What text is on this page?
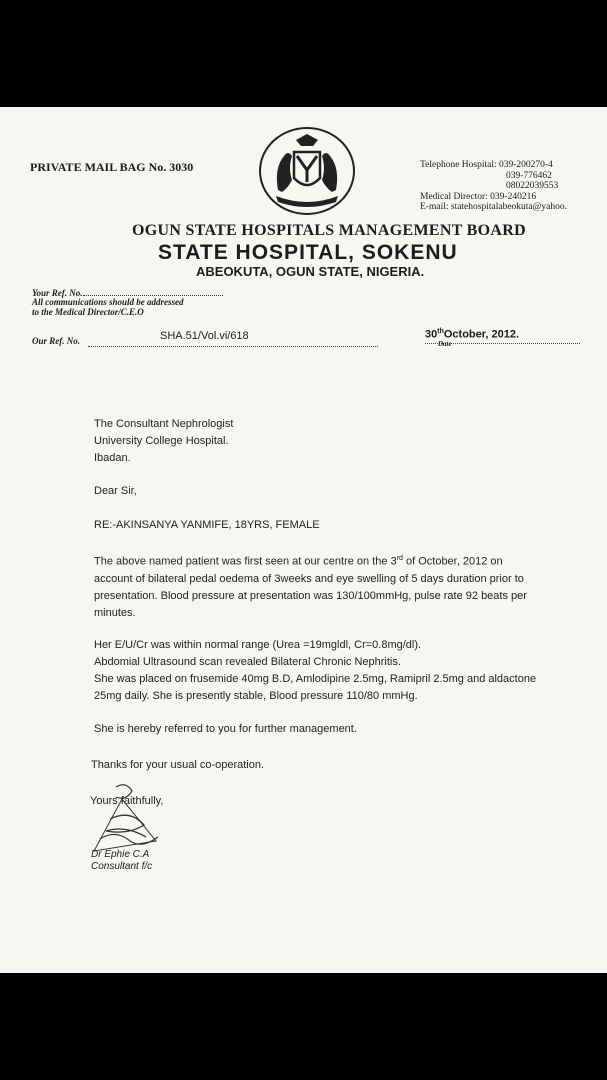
PRIVATE MAIL BAG No. 3030	Telephone Hospital: 039-200270-4
039-776462
08022039553
Medical Director: 039-240216
E-mail: statehospitalabeokuta@yahoo.
OGUN STATE HOSPITALS MANAGEMENT BOARD
STATE HOSPITAL, SOKENU
ABEOKUTA, OGUN STATE, NIGERIA.
Your Ref. No.
All communications should be addressed
to the Medical Director/C.E.O
Our Ref. No.	SHA.51/Vol.vi/618	30thOctober, 2012.
Date
The Consultant Nephrologist
University College Hospital.
Ibadan.
Dear Sir,
RE:-AKINSANYA YANMIFE, 18YRS, FEMALE
The above named patient was first seen at our centre on the 3rd of October, 2012 on
account of bilateral pedal oedema of 3weeks and eye swelling of 5 days duration prior to
presentation. Blood pressure at presentation was 130/100mmHg, pulse rate 92 beats per
minutes.
Her E/U/Cr was within normal range (Urea =19mgldl, Cr=0.8mg/dl).
Abdomial Ultrasound scan revealed Bilateral Chronic Nephritis.
She was placed on frusemide 40mg B.D, Amlodipine 2.5mg, Ramipril 2.5mg and aldactone
25mg daily. She is presently stable, Blood pressure 110/80 mmHg.
She is hereby referred to you for further management.
Thanks for your usual co-operation.
Yours faithfully,
Dr Ephie C.A
Consultant f/c
